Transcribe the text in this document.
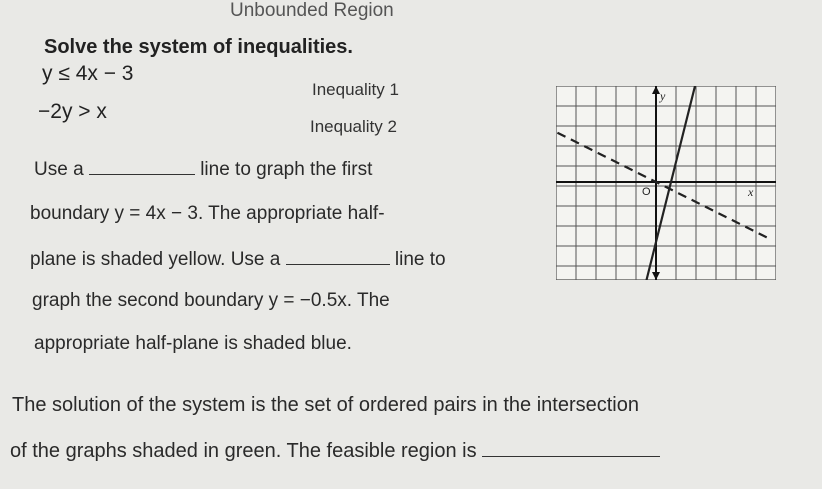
Unbounded Region
Solve the system of inequalities.
y ≤ 4x − 3
Inequality 1
−2y > x
Inequality 2
Use a	line to graph the first
boundary y = 4x − 3. The appropriate half-
plane is shaded yellow. Use a	line to
graph the second boundary y = −0.5x. The
appropriate half-plane is shaded blue.
The solution of the system is the set of ordered pairs in the intersection
of the graphs shaded in green. The feasible region is
x
y
O
